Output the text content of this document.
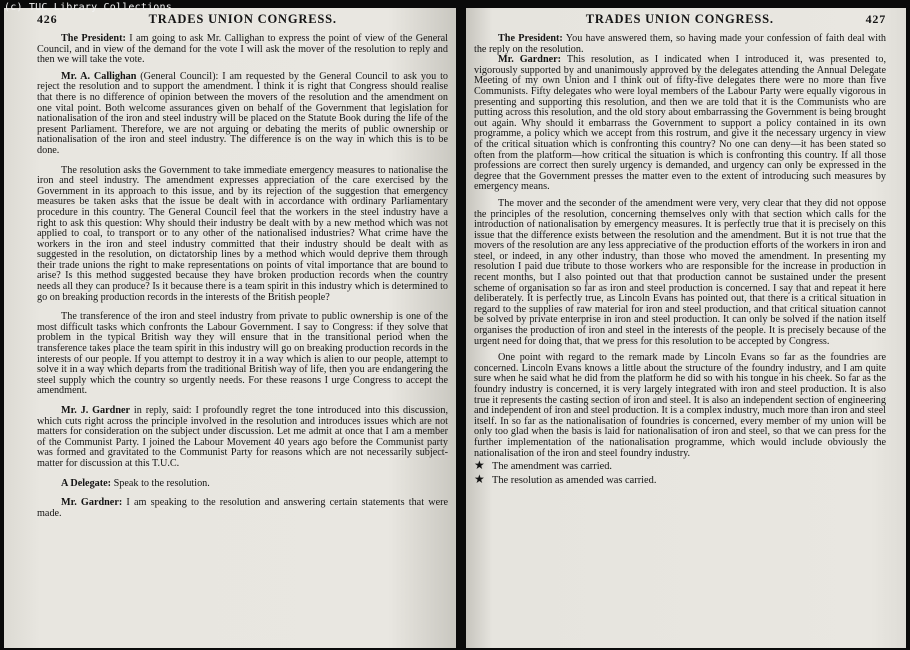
(c) TUC Library Collections
426	TRADES UNION CONGRESS.

The President: I am going to ask Mr. Callighan to express the point of view of the General Council, and in view of the demand for the vote I will ask the mover of the resolution to reply and then we will take the vote.

Mr. A. Callighan (General Council): I am requested by the General Council to ask you to reject the resolution and to support the amendment. I think it is right that Congress should realise that there is no difference of opinion between the movers of the resolution and the amendment on one vital point. Both welcome assurances given on behalf of the Government that legislation for nationalisation of the iron and steel industry will be placed on the Statute Book during the life of the present Parliament. Therefore, we are not arguing or debating the merits of public ownership or nationalisation of the iron and steel industry. The difference is on the way in which this is to be done.

The resolution asks the Government to take immediate emergency measures to nationalise the iron and steel industry. The amendment expresses appreciation of the care exercised by the Government in its approach to this issue, and by its rejection of the suggestion that emergency measures be taken asks that the issue be dealt with in accordance with ordinary Parliamentary procedure in this country. The General Council feel that the workers in the steel industry have a right to ask this question: Why should their industry be dealt with by a new method which was not applied to coal, to transport or to any other of the nationalised industries? What crime have the workers in the iron and steel industry committed that their industry should be dealt with as suggested in the resolution, on dictatorship lines by a method which would deprive them through their trade unions the right to make representations on points of vital importance that are bound to arise? Is this method suggested because they have broken production records when the country needs all they can produce? Is it because there is a team spirit in this industry which is determined to go on breaking production records in the interests of the British people?

The transference of the iron and steel industry from private to public ownership is one of the most difficult tasks which confronts the Labour Government. I say to Congress: if they solve that problem in the typical British way they will ensure that in the transitional period when the transference takes place the team spirit in this industry will go on breaking production records in the interests of our people. If you attempt to destroy it in a way which is alien to our people, attempt to solve it in a way which departs from the traditional British way of life, then you are endangering the steel supply which the country so urgently needs. For these reasons I urge Congress to accept the amendment.

Mr. J. Gardner in reply, said: I profoundly regret the tone introduced into this discussion, which cuts right across the principle involved in the resolution and introduces issues which are not matters for consideration on the subject under discussion. Let me admit at once that I am a member of the Communist Party. I joined the Labour Movement 40 years ago before the Communist party was formed and gravitated to the Communist Party for reasons which are not necessarily subject-matter for discussion at this T.U.C.

A Delegate: Speak to the resolution.

Mr. Gardner: I am speaking to the resolution and answering certain statements that were made.

TRADES UNION CONGRESS.	427

The President: You have answered them, so having made your confession of faith deal with the reply on the resolution.

Mr. Gardner: This resolution, as I indicated when I introduced it, was presented to, vigorously supported by and unanimously approved by the delegates attending the Annual Delegate Meeting of my own Union and I think out of fifty-five delegates there were no more than five Communists. Fifty delegates who were loyal members of the Labour Party were equally vigorous in presenting and supporting this resolution, and then we are told that it is the Communists who are putting across this resolution, and the old story about embarrassing the Government is being brought out again. Why should it embarrass the Government to support a policy contained in its own programme, a policy which we accept from this rostrum, and give it the necessary urgency in view of the critical situation which is confronting this country? No one can deny—it has been stated so often from the platform—how critical the situation is which is confronting this country. If all those professions are correct then surely urgency is demanded, and urgency can only be expressed in the degree that the Government presses the matter even to the extent of introducing such measures by emergency means.

The mover and the seconder of the amendment were very, very clear that they did not oppose the principles of the resolution, concerning themselves only with that section which calls for the introduction of nationalisation by emergency measures. It is perfectly true that it is precisely on this issue that the difference exists between the resolution and the amendment. But it is not true that the movers of the resolution are any less appreciative of the production efforts of the workers in iron and steel, or indeed, in any other industry, than those who moved the amendment. In presenting my resolution I paid due tribute to those workers who are responsible for the increase in production in recent months, but I also pointed out that that production cannot be sustained under the present scheme of organisation so far as iron and steel production is concerned. I say that and repeat it here deliberately. It is perfectly true, as Lincoln Evans has pointed out, that there is a critical situation in regard to the supplies of raw material for iron and steel production, and that critical situation cannot be solved by private enterprise in iron and steel production. It can only be solved if the nation itself organises the production of iron and steel in the interests of the people. It is precisely because of the urgent need for doing that, that we press for this resolution to be accepted by Congress.

One point with regard to the remark made by Lincoln Evans so far as the foundries are concerned. Lincoln Evans knows a little about the structure of the foundry industry, and I am quite sure when he said what he did from the platform he did so with his tongue in his cheek. So far as the foundry industry is concerned, it is very largely integrated with iron and steel production. It is also true it represents the casting section of iron and steel. It is also an independent section of engineering and independent of iron and steel production. It is a complex industry, much more than iron and steel itself. In so far as the nationalisation of foundries is concerned, every member of my union will be only too glad when the basis is laid for nationalisation of iron and steel, so that we can press for the further implementation of the nationalisation programme, which would include obviously the nationalisation of the iron and steel foundry industry.

★ The amendment was carried.

★ The resolution as amended was carried.
